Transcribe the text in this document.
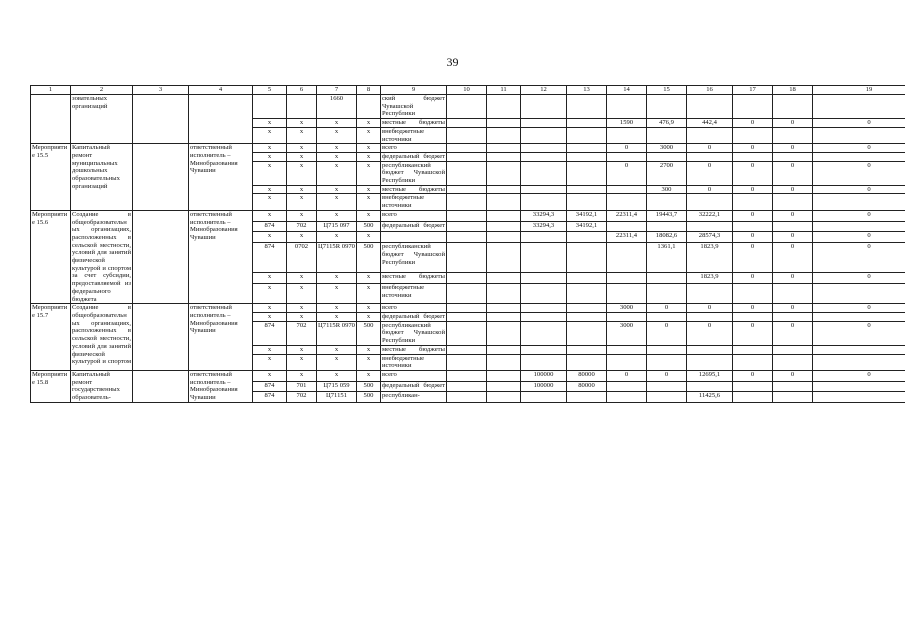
39
1	2	3	4	5	6	7	8	9	10	11	12	13	14	15	16	17	18	19
	зовательных организаций					1660		ский бюджет Чувашской Республики										
				х	х	х	х	местные бюджеты					1590	476,9	442,4	0	0	0
				х	х	х	х	внебюджетные источники										
Мероприятие 15.5	Капитальный ремонт муниципальных дошкольных образовательных организаций		ответственный исполнитель – Минобразования Чувашии	х	х	х	х	всего					0	3000	0	0	0	0
				х	х	х	х	федеральный бюджет										
				х	х	х	х	республиканский бюджет Чувашской Республики					0	2700	0	0	0	0
				х	х	х	х	местные бюджеты						300	0	0	0	0
				х	х	х	х	внебюджетные источники										
Мероприятие 15.6	Создание в общеобразовательных организациях, расположенных в сельской местности, условий для занятий физической культурой и спортом за счет субсидии, предоставляемой из федерального бюджета		ответственный исполнитель – Минобразования Чувашии	х	х	х	х	всего			33294,3	34192,1	22311,4	19443,7	32222,1	0	0	0
				874	702	Ц715 097	500	федеральный бюджет			33294,3	34192,1						
				х	х	х	х						22311,4	18082,6	28574,3	0	0	0
				874	0702	Ц7115R 0970	500	республиканский бюджет Чувашской Республики						1361,1	1823,9	0	0	0
				х	х	х	х	местные бюджеты							1823,9	0	0	0
				х	х	х	х	внебюджетные источники										
Мероприятие 15.7	Создание в общеобразовательных организациях, расположенных в сельской местности, условий для занятий физической культурой и спортом		ответственный исполнитель – Минобразования Чувашии	х	х	х	х	всего					3000	0	0	0	0	0
				х	х	х	х	федеральный бюджет										
				874	702	Ц7115R 0970	500	республиканский бюджет Чувашской Республики					3000	0	0	0	0	0
				х	х	х	х	местные бюджеты										
				х	х	х	х	внебюджетные источники										
Мероприятие 15.8	Капитальный ремонт государственных образователь-		ответственный исполнитель – Минобразования Чувашии	х	х	х	х	всего			100000	80000	0	0	12695,1	0	0	0
				874	701	Ц715 059	500	федеральный бюджет			100000	80000						
				874	702	Ц71151	500	республикан-							11425,6			
